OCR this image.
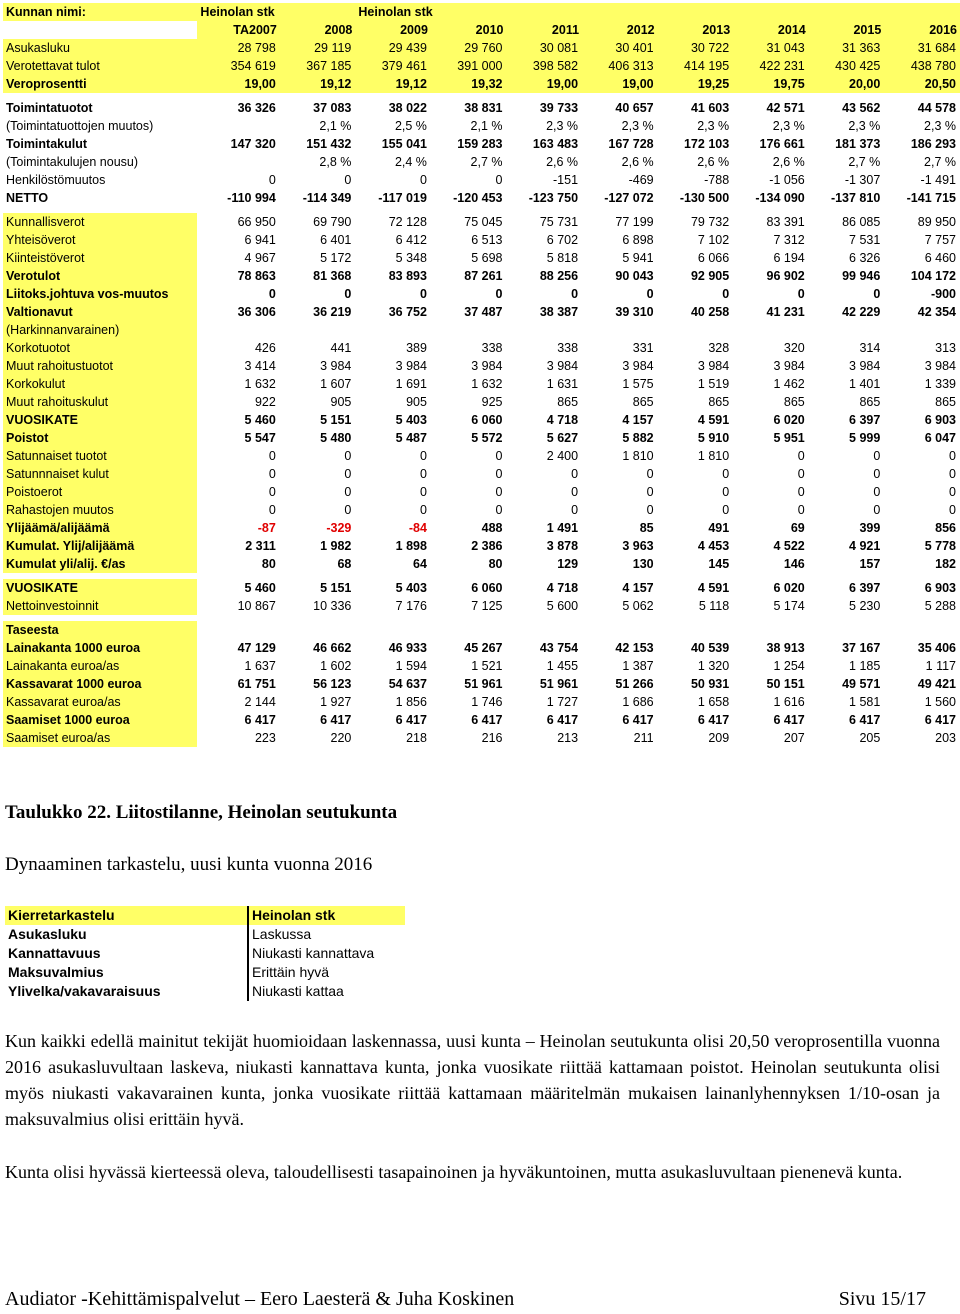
Kunnan nimi:	Heinolan stk		Heinolan stk							
	TA2007	2008	2009	2010	2011	2012	2013	2014	2015	2016
Asukasluku	28 798	29 119	29 439	29 760	30 081	30 401	30 722	31 043	31 363	31 684
Verotettavat tulot	354 619	367 185	379 461	391 000	398 582	406 313	414 195	422 231	430 425	438 780
Veroprosentti	19,00	19,12	19,12	19,32	19,00	19,00	19,25	19,75	20,00	20,50

Toimintatuotot	36 326	37 083	38 022	38 831	39 733	40 657	41 603	42 571	43 562	44 578
(Toimintatuottojen muutos)		2,1 %	2,5 %	2,1 %	2,3 %	2,3 %	2,3 %	2,3 %	2,3 %	2,3 %
Toimintakulut	147 320	151 432	155 041	159 283	163 483	167 728	172 103	176 661	181 373	186 293
(Toimintakulujen nousu)		2,8 %	2,4 %	2,7 %	2,6 %	2,6 %	2,6 %	2,6 %	2,7 %	2,7 %
Henkilöstömuutos	0	0	0	0	-151	-469	-788	-1 056	-1 307	-1 491
NETTO	-110 994	-114 349	-117 019	-120 453	-123 750	-127 072	-130 500	-134 090	-137 810	-141 715

Kunnallisverot	66 950	69 790	72 128	75 045	75 731	77 199	79 732	83 391	86 085	89 950
Yhteisöverot	6 941	6 401	6 412	6 513	6 702	6 898	7 102	7 312	7 531	7 757
Kiinteistöverot	4 967	5 172	5 348	5 698	5 818	5 941	6 066	6 194	6 326	6 460
Verotulot	78 863	81 368	83 893	87 261	88 256	90 043	92 905	96 902	99 946	104 172
Liitoks.johtuva vos-muutos	0	0	0	0	0	0	0	0	0	-900
Valtionavut	36 306	36 219	36 752	37 487	38 387	39 310	40 258	41 231	42 229	42 354
(Harkinnanvarainen)										
Korkotuotot	426	441	389	338	338	331	328	320	314	313
Muut rahoitustuotot	3 414	3 984	3 984	3 984	3 984	3 984	3 984	3 984	3 984	3 984
Korkokulut	1 632	1 607	1 691	1 632	1 631	1 575	1 519	1 462	1 401	1 339
Muut rahoituskulut	922	905	905	925	865	865	865	865	865	865
VUOSIKATE	5 460	5 151	5 403	6 060	4 718	4 157	4 591	6 020	6 397	6 903
Poistot	5 547	5 480	5 487	5 572	5 627	5 882	5 910	5 951	5 999	6 047
Satunnaiset tuotot	0	0	0	0	2 400	1 810	1 810	0	0	0
Satunnnaiset kulut	0	0	0	0	0	0	0	0	0	0
Poistoerot	0	0	0	0	0	0	0	0	0	0
Rahastojen muutos	0	0	0	0	0	0	0	0	0	0
Ylijäämä/alijäämä	-87	-329	-84	488	1 491	85	491	69	399	856
Kumulat. Ylij/alijäämä	2 311	1 982	1 898	2 386	3 878	3 963	4 453	4 522	4 921	5 778
Kumulat yli/alij. €/as	80	68	64	80	129	130	145	146	157	182

VUOSIKATE	5 460	5 151	5 403	6 060	4 718	4 157	4 591	6 020	6 397	6 903
Nettoinvestoinnit	10 867	10 336	7 176	7 125	5 600	5 062	5 118	5 174	5 230	5 288

Taseesta										
Lainakanta 1000 euroa	47 129	46 662	46 933	45 267	43 754	42 153	40 539	38 913	37 167	35 406
Lainakanta euroa/as	1 637	1 602	1 594	1 521	1 455	1 387	1 320	1 254	1 185	1 117
Kassavarat 1000 euroa	61 751	56 123	54 637	51 961	51 961	51 266	50 931	50 151	49 571	49 421
Kassavarat euroa/as	2 144	1 927	1 856	1 746	1 727	1 686	1 658	1 616	1 581	1 560
Saamiset 1000 euroa	6 417	6 417	6 417	6 417	6 417	6 417	6 417	6 417	6 417	6 417
Saamiset euroa/as	223	220	218	216	213	211	209	207	205	203
Taulukko 22. Liitostilanne, Heinolan seutukunta
Dynaaminen tarkastelu, uusi kunta vuonna 2016
Kierretarkastelu	Heinolan stk
Asukasluku	Laskussa
Kannattavuus	Niukasti kannattava
Maksuvalmius	Erittäin hyvä
Ylivelka/vakavaraisuus	Niukasti kattaa

Kun kaikki edellä mainitut tekijät huomioidaan laskennassa, uusi kunta – Heinolan seutukunta olisi 20,50 veroprosentilla vuonna 2016 asukasluvultaan laskeva, niukasti kannattava kunta, jonka vuosikate riittää kattamaan poistot. Heinolan seutukunta olisi myös niukasti vakavarainen kunta, jonka vuosikate riittää kattamaan määritelmän mukaisen lainanlyhennyksen 1/10-osan ja maksuvalmius olisi erittäin hyvä.

Kunta olisi hyvässä kierteessä oleva, taloudellisesti tasapainoinen ja hyväkuntoinen, mutta asukasluvultaan pienenevä kunta.

Audiator -Kehittämispalvelut – Eero Laesterä & Juha Koskinen	Sivu 15/17
